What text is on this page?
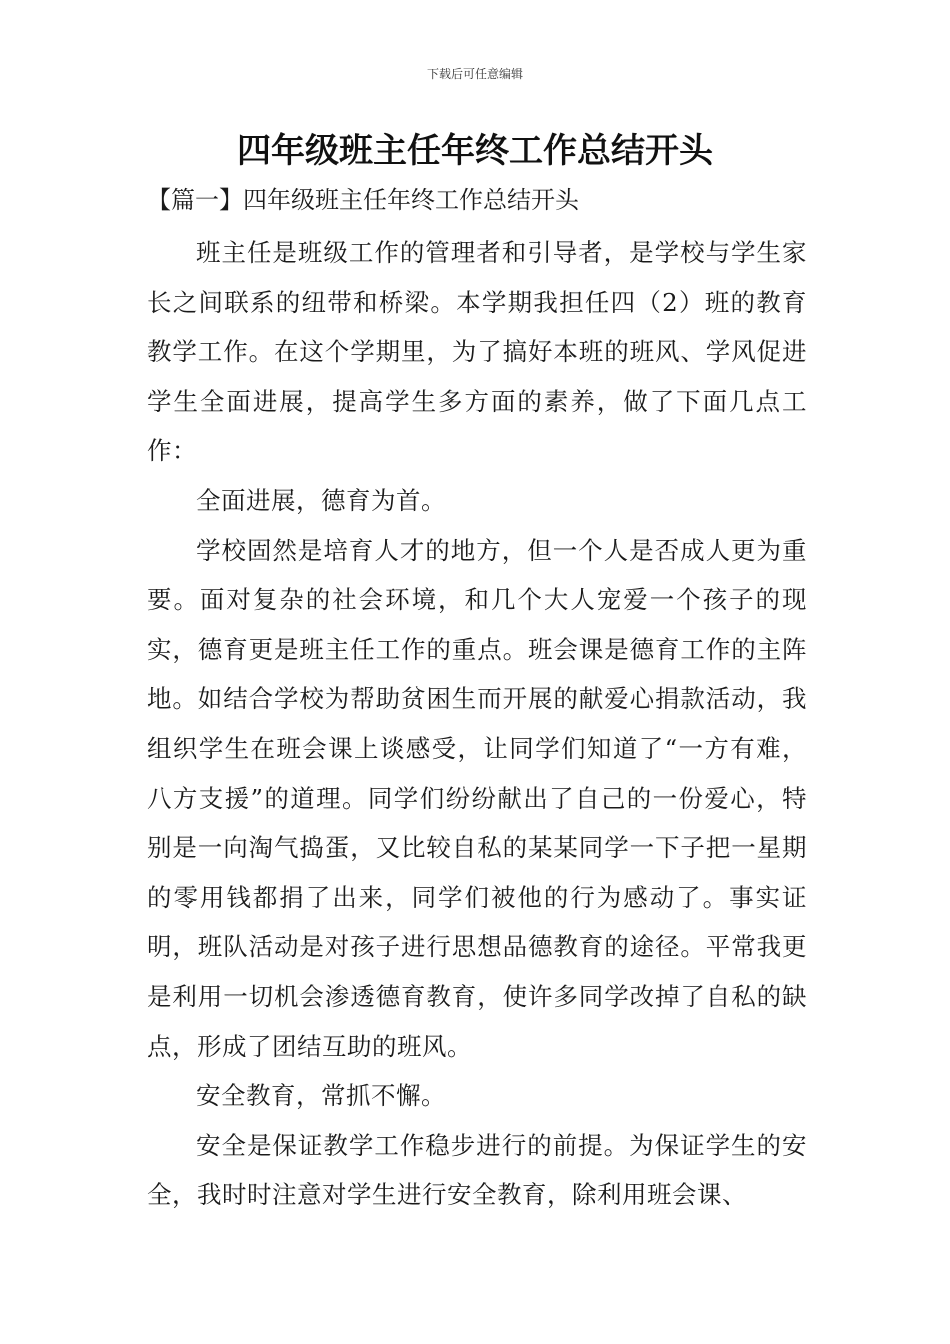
下载后可任意编辑
四年级班主任年终工作总结开头
【篇一】四年级班主任年终工作总结开头

班主任是班级工作的管理者和引导者，是学校与学生家长之间联系的纽带和桥梁。本学期我担任四（2）班的教育教学工作。在这个学期里，为了搞好本班的班风、学风促进学生全面进展，提高学生多方面的素养，做了下面几点工作：

全面进展，德育为首。

学校固然是培育人才的地方，但一个人是否成人更为重要。面对复杂的社会环境，和几个大人宠爱一个孩子的现实，德育更是班主任工作的重点。班会课是德育工作的主阵地。如结合学校为帮助贫困生而开展的献爱心捐款活动，我组织学生在班会课上谈感受，让同学们知道了“一方有难，八方支援”的道理。同学们纷纷献出了自己的一份爱心，特别是一向淘气捣蛋，又比较自私的某某同学一下子把一星期的零用钱都捐了出来，同学们被他的行为感动了。事实证明，班队活动是对孩子进行思想品德教育的途径。平常我更是利用一切机会渗透德育教育，使许多同学改掉了自私的缺点，形成了团结互助的班风。

安全教育，常抓不懈。

安全是保证教学工作稳步进行的前提。为保证学生的安全，我时时注意对学生进行安全教育，除利用班会课、
